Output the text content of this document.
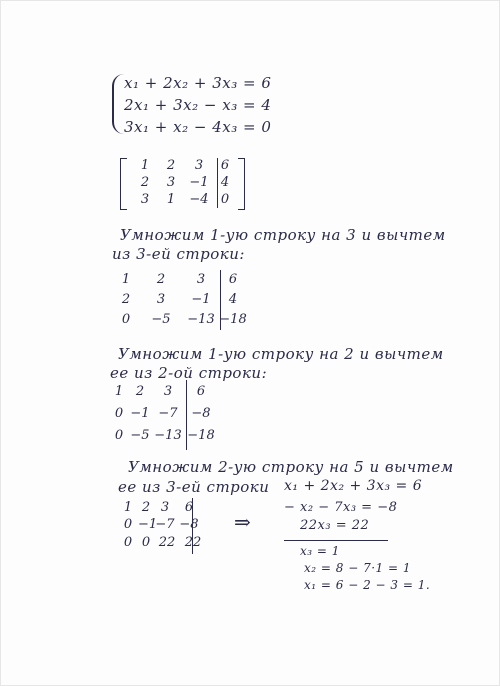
x₁ + 2x₂ + 3x₃ = 6
2x₁ + 3x₂ − x₃ = 4
3x₁ + x₂ − 4x₃ = 0
1 2 3 6
2 3 −1 4
3 1 −4 0
Умножим 1-ую строку на 3 и вычтем
из 3-ей строки:
1 2 3 6
2 3 −1 4
0 −5 −13 −18
Умножим 1-ую строку на 2 и вычтем
ее из 2-ой строки:
1 2 3 6
0 −1 −7 −8
0 −5 −13 −18
Умножим 2-ую строку на 5 и вычтем
ее из 3-ей строки x₁ + 2x₂ + 3x₃ = 6
1 2 3 6
0 −1−7 −8
0 0 22 22
⇒
− x₂ − 7x₃ = −8
22x₃ = 22
x₃ = 1
x₂ = 8 − 7·1 = 1
x₁ = 6 − 2 − 3 = 1.
